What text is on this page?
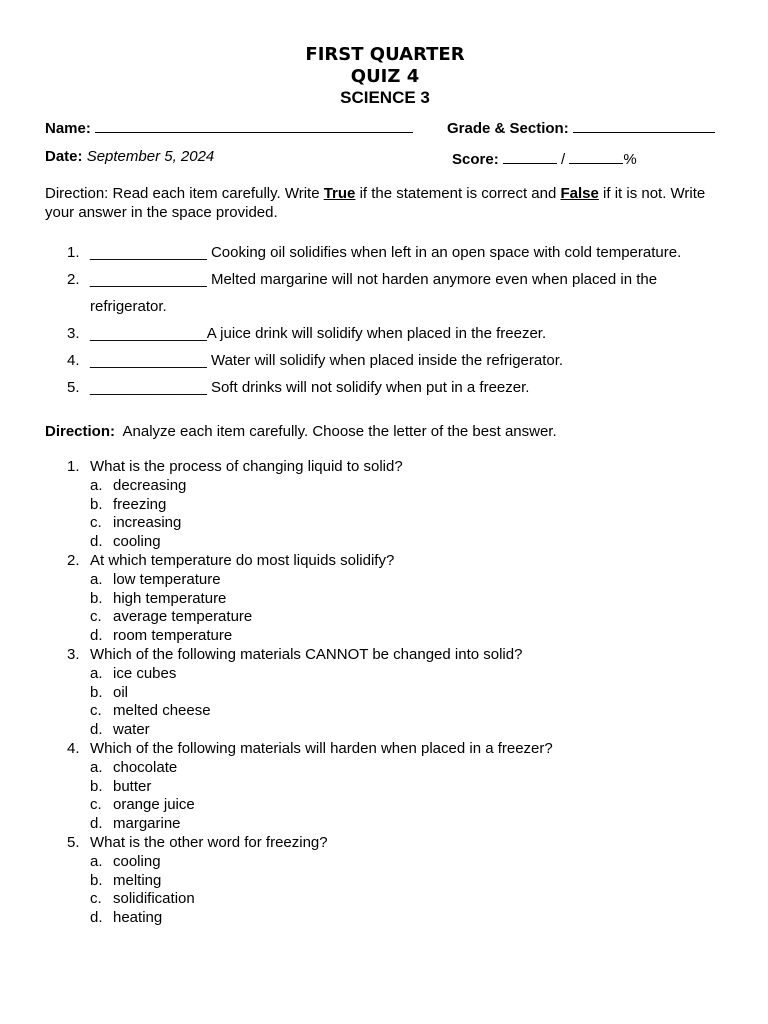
FIRST QUARTER
QUIZ 4
SCIENCE 3
Name:	Grade & Section:
Date: September 5, 2024	Score:	/	%
Direction: Read each item carefully. Write True if the statement is correct and False if it is not. Write your answer in the space provided.
1. ______________ Cooking oil solidifies when left in an open space with cold temperature.
2. ______________ Melted margarine will not harden anymore even when placed in the refrigerator.
3. ______________A juice drink will solidify when placed in the freezer.
4. ______________ Water will solidify when placed inside the refrigerator.
5. ______________ Soft drinks will not solidify when put in a freezer.
Direction:  Analyze each item carefully. Choose the letter of the best answer.
1. What is the process of changing liquid to solid?
a. decreasing
b. freezing
c. increasing
d. cooling
2. At which temperature do most liquids solidify?
a. low temperature
b. high temperature
c. average temperature
d. room temperature
3. Which of the following materials CANNOT be changed into solid?
a. ice cubes
b. oil
c. melted cheese
d. water
4. Which of the following materials will harden when placed in a freezer?
a. chocolate
b. butter
c. orange juice
d. margarine
5. What is the other word for freezing?
a. cooling
b. melting
c. solidification
d. heating
